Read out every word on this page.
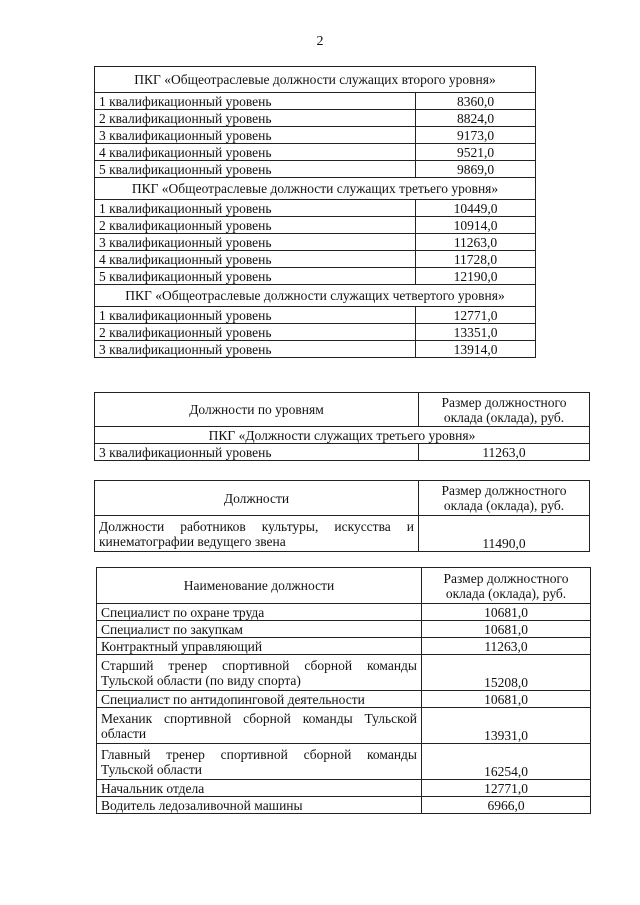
2
ПКГ «Общеотраслевые должности служащих второго уровня»	
1 квалификационный уровень	8360,0
2 квалификационный уровень	8824,0
3 квалификационный уровень	9173,0
4 квалификационный уровень	9521,0
5 квалификационный уровень	9869,0
ПКГ «Общеотраслевые должности служащих третьего уровня»	
1 квалификационный уровень	10449,0
2 квалификационный уровень	10914,0
3 квалификационный уровень	11263,0
4 квалификационный уровень	11728,0
5 квалификационный уровень	12190,0
ПКГ «Общеотраслевые должности служащих четвертого уровня»	
1 квалификационный уровень	12771,0
2 квалификационный уровень	13351,0
3 квалификационный уровень	13914,0
Должности по уровням	Размер должностного оклада (оклада), руб.
ПКГ «Должности служащих третьего уровня»	
3 квалификационный уровень	11263,0
Должности	Размер должностного оклада (оклада), руб.
Должности работников культуры, искусства и кинематографии ведущего звена	11490,0
Наименование должности	Размер должностного оклада (оклада), руб.
Специалист по охране труда	10681,0
Специалист по закупкам	10681,0
Контрактный управляющий	11263,0
Старший тренер спортивной сборной команды Тульской области (по виду спорта)	15208,0
Специалист по антидопинговой деятельности	10681,0
Механик спортивной сборной команды Тульской области	13931,0
Главный тренер спортивной сборной команды Тульской области	16254,0
Начальник отдела	12771,0
Водитель ледозаливочной машины	6966,0
